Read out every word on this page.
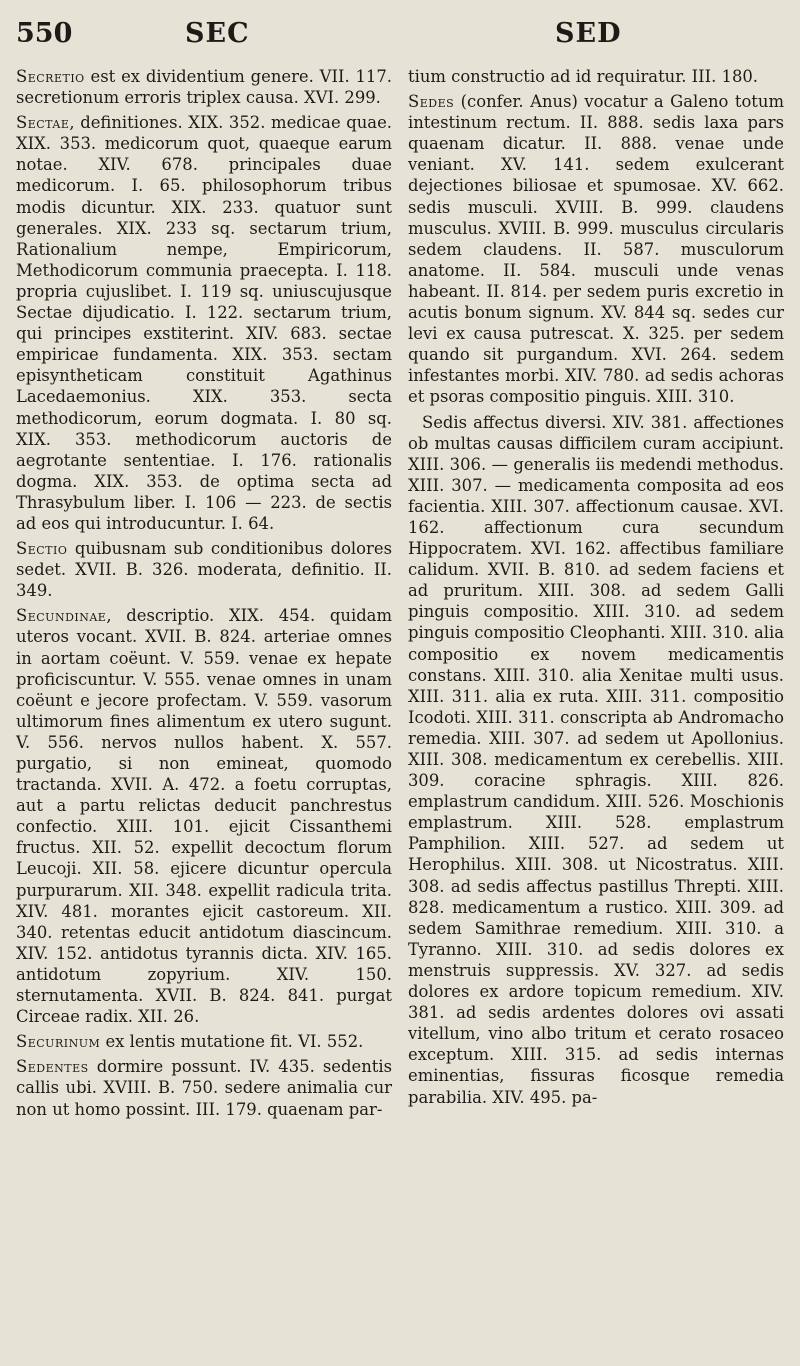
550	SEC	SED

Secretio est ex dividentium genere. VII. 117. secretionum erroris triplex causa. XVI. 299.

Sectae, definitiones. XIX. 352. medicae quae. XIX. 353. medicorum quot, quaeque earum notae. XIV. 678. principales duae medicorum. I. 65. philosophorum tribus modis dicuntur. XIX. 233. quatuor sunt generales. XIX. 233 sq. sectarum trium, Rationalium nempe, Empiricorum, Methodicorum communia praecepta. I. 118. propria cujuslibet. I. 119 sq. uniuscujusque Sectae dijudicatio. I. 122. sectarum trium, qui principes exstiterint. XIV. 683. sectae empiricae fundamenta. XIX. 353. sectam episyntheticam constituit Agathinus Lacedaemonius. XIX. 353. secta methodicorum, eorum dogmata. I. 80 sq. XIX. 353. methodicorum auctoris de aegrotante sententiae. I. 176. rationalis dogma. XIX. 353. de optima secta ad Thrasybulum liber. I. 106 — 223. de sectis ad eos qui introducuntur. I. 64.

Sectio quibusnam sub conditionibus dolores sedet. XVII. B. 326. moderata, definitio. II. 349.

Secundinae, descriptio. XIX. 454. quidam uteros vocant. XVII. B. 824. arteriae omnes in aortam coëunt. V. 559. venae ex hepate proficiscuntur. V. 555. venae omnes in unam coëunt e jecore profectam. V. 559. vasorum ultimorum fines alimentum ex utero sugunt. V. 556. nervos nullos habent. X. 557. purgatio, si non emineat, quomodo tractanda. XVII. A. 472. a foetu corruptas, aut a partu relictas deducit panchrestus confectio. XIII. 101. ejicit Cissanthemi fructus. XII. 52. expellit decoctum florum Leucoji. XII. 58. ejicere dicuntur opercula purpurarum. XII. 348. expellit radicula trita. XIV. 481. morantes ejicit castoreum. XII. 340. retentas educit antidotum diascincum. XIV. 152. antidotus tyrannis dicta. XIV. 165. antidotum zopyrium. XIV. 150. sternutamenta. XVII. B. 824. 841. purgat Circeae radix. XII. 26.

Securinum ex lentis mutatione fit. VI. 552.

Sedentes dormire possunt. IV. 435. sedentis callis ubi. XVIII. B. 750. sedere animalia cur non ut homo possint. III. 179. quaenam par-

tium constructio ad id requiratur. III. 180.

Sedes (confer. Anus) vocatur a Galeno totum intestinum rectum. II. 888. sedis laxa pars quaenam dicatur. II. 888. venae unde veniant. XV. 141. sedem exulcerant dejectiones biliosae et spumosae. XV. 662. sedis musculi. XVIII. B. 999. claudens musculus. XVIII. B. 999. musculus circularis sedem claudens. II. 587. musculorum anatome. II. 584. musculi unde venas habeant. II. 814. per sedem puris excretio in acutis bonum signum. XV. 844 sq. sedes cur levi ex causa putrescat. X. 325. per sedem quando sit purgandum. XVI. 264. sedem infestantes morbi. XIV. 780. ad sedis achoras et psoras compositio pinguis. XIII. 310.

Sedis affectus diversi. XIV. 381. affectiones ob multas causas difficilem curam accipiunt. XIII. 306. — generalis iis medendi methodus. XIII. 307. — medicamenta composita ad eos facientia. XIII. 307. affectionum causae. XVI. 162. affectionum cura secundum Hippocratem. XVI. 162. affectibus familiare calidum. XVII. B. 810. ad sedem faciens et ad pruritum. XIII. 308. ad sedem Galli pinguis compositio. XIII. 310. ad sedem pinguis compositio Cleophanti. XIII. 310. alia compositio ex novem medicamentis constans. XIII. 310. alia Xenitae multi usus. XIII. 311. alia ex ruta. XIII. 311. compositio Icodoti. XIII. 311. conscripta ab Andromacho remedia. XIII. 307. ad sedem ut Apollonius. XIII. 308. medicamentum ex cerebellis. XIII. 309. coracine sphragis. XIII. 826. emplastrum candidum. XIII. 526. Moschionis emplastrum. XIII. 528. emplastrum Pamphilion. XIII. 527. ad sedem ut Herophilus. XIII. 308. ut Nicostratus. XIII. 308. ad sedis affectus pastillus Threpti. XIII. 828. medicamentum a rustico. XIII. 309. ad sedem Samithrae remedium. XIII. 310. a Tyranno. XIII. 310. ad sedis dolores ex menstruis suppressis. XV. 327. ad sedis dolores ex ardore topicum remedium. XIV. 381. ad sedis ardentes dolores ovi assati vitellum, vino albo tritum et cerato rosaceo exceptum. XIII. 315. ad sedis internas eminentias, fissuras ficosque remedia parabilia. XIV. 495. pa-
